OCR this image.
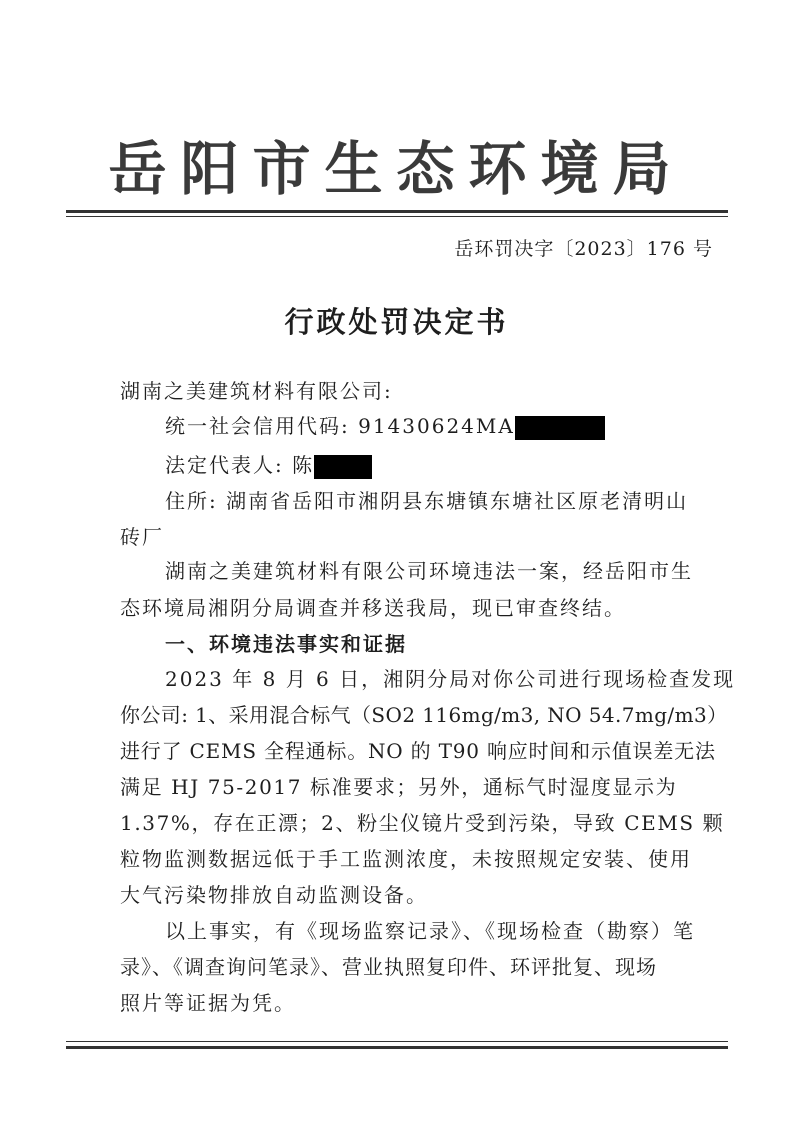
岳阳市生态环境局
岳环罚决字〔2023〕176 号
行政处罚决定书
湖南之美建筑材料有限公司:
统一社会信用代码: 91430624MA
法定代表人: 陈
住所: 湖南省岳阳市湘阴县东塘镇东塘社区原老清明山
砖厂
湖南之美建筑材料有限公司环境违法一案，经岳阳市生
态环境局湘阴分局调查并移送我局，现已审查终结。
一、环境违法事实和证据
2023 年 8 月 6 日，湘阴分局对你公司进行现场检查发现
你公司: 1、采用混合标气（SO2 116mg/m3, NO 54.7mg/m3）
进行了 CEMS 全程通标。NO 的 T90 响应时间和示值误差无法
满足 HJ 75-2017 标准要求；另外，通标气时湿度显示为
1.37%，存在正漂；2、粉尘仪镜片受到污染，导致 CEMS 颗
粒物监测数据远低于手工监测浓度，未按照规定安装、使用
大气污染物排放自动监测设备。
以上事实，有《现场监察记录》、《现场检查（勘察）笔
录》、《调查询问笔录》、营业执照复印件、环评批复、现场
照片等证据为凭。
